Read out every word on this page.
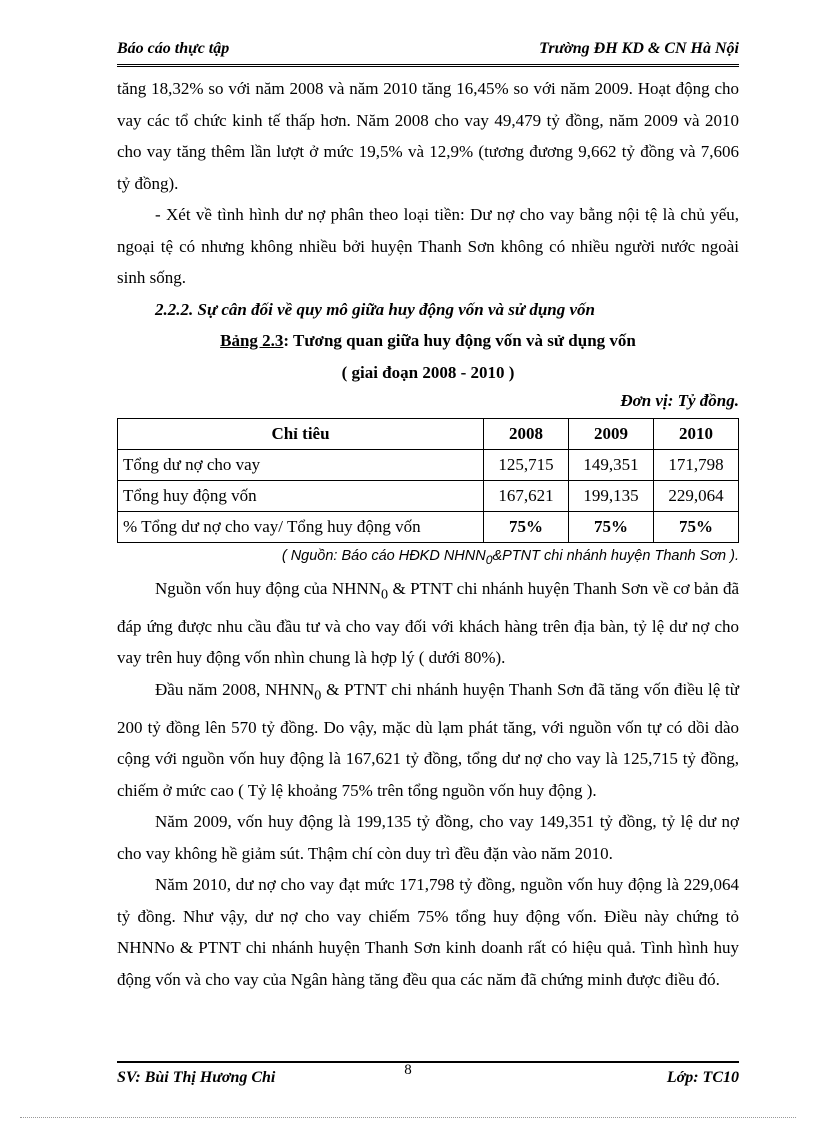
Báo cáo thực tập	Trường ĐH KD & CN Hà Nội

tăng 18,32% so với năm 2008 và năm 2010 tăng 16,45% so với năm 2009. Hoạt động cho vay các tổ chức kinh tế thấp hơn. Năm 2008 cho vay 49,479 tỷ đồng, năm 2009 và 2010 cho vay tăng thêm lần lượt ở mức 19,5% và 12,9% (tương đương 9,662 tỷ đồng và 7,606 tỷ đồng).

- Xét về tình hình dư nợ phân theo loại tiền: Dư nợ cho vay bằng nội tệ là chủ yếu, ngoại tệ có nhưng không nhiều bởi huyện Thanh Sơn không có nhiều người nước ngoài sinh sống.

2.2.2. Sự cân đối về quy mô giữa huy động vốn và sử dụng vốn

Bảng 2.3: Tương quan giữa huy động vốn và sử dụng vốn

( giai đoạn 2008 - 2010 )

Đơn vị: Tỷ đồng.

Chỉ tiêu	2008	2009	2010
Tổng dư nợ cho vay	125,715	149,351	171,798
Tổng huy động vốn	167,621	199,135	229,064
% Tổng dư nợ cho vay/ Tổng huy động vốn	75%	75%	75%

( Nguồn: Báo cáo HĐKD $NHNN_0\&PTNT$ chi nhánh huyện Thanh Sơn ).

Nguồn vốn huy động của $NHNN_0$ & PTNT chi nhánh huyện Thanh Sơn về cơ bản đã đáp ứng được nhu cầu đầu tư và cho vay đối với khách hàng trên địa bàn, tỷ lệ dư nợ cho vay trên huy động vốn nhìn chung là hợp lý ( dưới 80%).

Đầu năm 2008, $NHNN_0$ & PTNT chi nhánh huyện Thanh Sơn đã tăng vốn điều lệ từ 200 tỷ đồng lên 570 tỷ đồng. Do vậy, mặc dù lạm phát tăng, với nguồn vốn tự có dồi dào cộng với nguồn vốn huy động là 167,621 tỷ đồng, tổng dư nợ cho vay là 125,715 tỷ đồng, chiếm ở mức cao ( Tỷ lệ khoảng 75% trên tổng nguồn vốn huy động ).

Năm 2009, vốn huy động là 199,135 tỷ đồng, cho vay 149,351 tỷ đồng, tỷ lệ dư nợ cho vay không hề giảm sút. Thậm chí còn duy trì đều đặn vào năm 2010.

Năm 2010, dư nợ cho vay đạt mức 171,798 tỷ đồng, nguồn vốn huy động là 229,064 tỷ đồng. Như vậy, dư nợ cho vay chiếm 75% tổng huy động vốn. Điều này chứng tỏ NHNNo & PTNT chi nhánh huyện Thanh Sơn kinh doanh rất có hiệu quả. Tình hình huy động vốn và cho vay của Ngân hàng tăng đều qua các năm đã chứng minh được điều đó.

SV: Bùi Thị Hương Chi	Lớp: TC10
8
